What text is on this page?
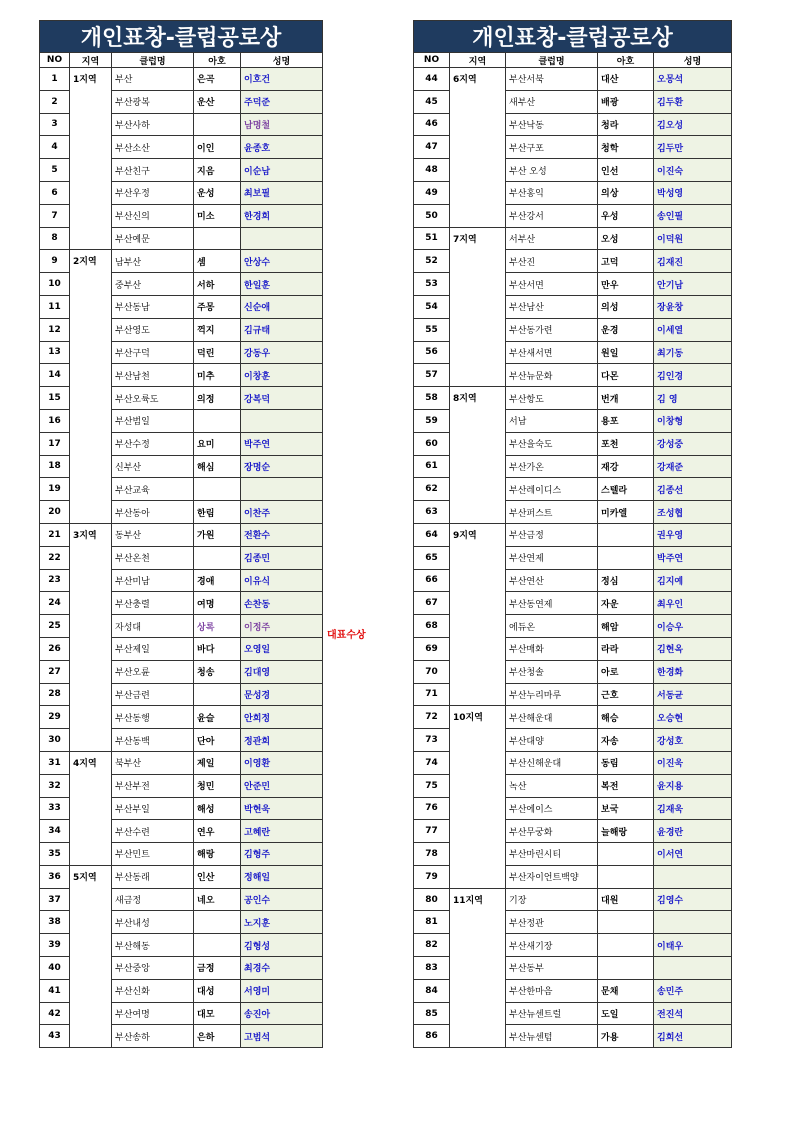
개인표창-클럽공로상				
NO	지역	클럽명	아호	성명
1	1지역	부산	은곡	이호건
2		부산광복	운산	주덕준
3		부산사하		남명철
4		부산소산	이인	윤종호
5		부산친구	지음	이순남
6		부산우정	운성	최보필
7		부산신의	미소	한경희
8		부산예문		
9	2지역	남부산	셈	안상수
10		중부산	서하	한일훈
11		부산동남	주몽	신순애
12		부산영도	꺽지	김규태
13		부산구덕	덕린	강동우
14		부산남천	미추	이창훈
15		부산오륙도	의정	강복덕
16		부산범일		
17		부산수정	요미	박주연
18		신부산	해심	장명순
19		부산교육		
20		부산동아	한림	이찬주
21	3지역	동부산	가원	전환수
22		부산온천		김종민
23		부산미남	경애	이유식
24		부산충렬	여명	손찬동
25		자성대	상록	이정주
26		부산제일	바다	오영일
27		부산오륜	청송	김대영
28		부산금련		문성경
29		부산동행	윤슬	안희정
30		부산동백	단아	정관희
31	4지역	북부산	제일	이영환
32		부산부전	청민	안준민
33		부산부일	해성	박현욱
34		부산수련	연우	고혜란
35		부산민트	해랑	김형주
36	5지역	부산동래	인산	정해일
37		새금정	네오	공인수
38		부산내성		노지훈
39		부산해동		김형성
40		부산중앙	금정	최경수
41		부산신화	대성	서영미
42		부산여명	대모	송진아
43		부산송하	은하	고범석
개인표창-클럽공로상				
NO	지역	클럽명	아호	성명
44	6지역	부산서북	대산	오몽석
45		새부산	배광	김두환
46		부산낙동	청라	김오성
47		부산구포	청학	김두만
48		부산 오성	인선	이진숙
49		부산홍익	의상	박성영
50		부산강서	우성	송인필
51	7지역	서부산	오성	이덕원
52		부산진	고덕	김재진
53		부산서면	만우	안기남
54		부산남산	의성	장윤창
55		부산동가련	운경	이세열
56		부산새서면	원일	최기동
57		부산뉴문화	다몬	김인경
58	8지역	부산항도	번개	김 영
59		서남	용포	이창형
60		부산을숙도	포천	강성중
61		부산가온	재강	강재준
62		부산레이디스	스텔라	김종선
63		부산퍼스트	미카엘	조성협
64	9지역	부산금정		권우영
65		부산연제		박주연
66		부산연산	정심	김지예
67		부산동연제	자운	최우인
68		에듀온	해암	이승우
69		부산매화	라라	김현옥
70		부산청솔	아로	한경화
71		부산누리마루	근호	서동균
72	10지역	부산해운대	해승	오승현
73		부산대양	자송	강성호
74		부산신해운대	동림	이진욱
75		녹산	복전	윤지용
76		부산에이스	보국	김재욱
77		부산무궁화	늘해랑	윤경란
78		부산마린시티		이서연
79		부산자이언트백양		
80	11지역	기장	대원	김영수
81		부산정관		
82		부산새기장		이태우
83		부산동부		
84		부산한마음	문채	송민주
85		부산뉴센트럴	도일	전진석
86		부산뉴센텀	가용	김희선
대표수상
